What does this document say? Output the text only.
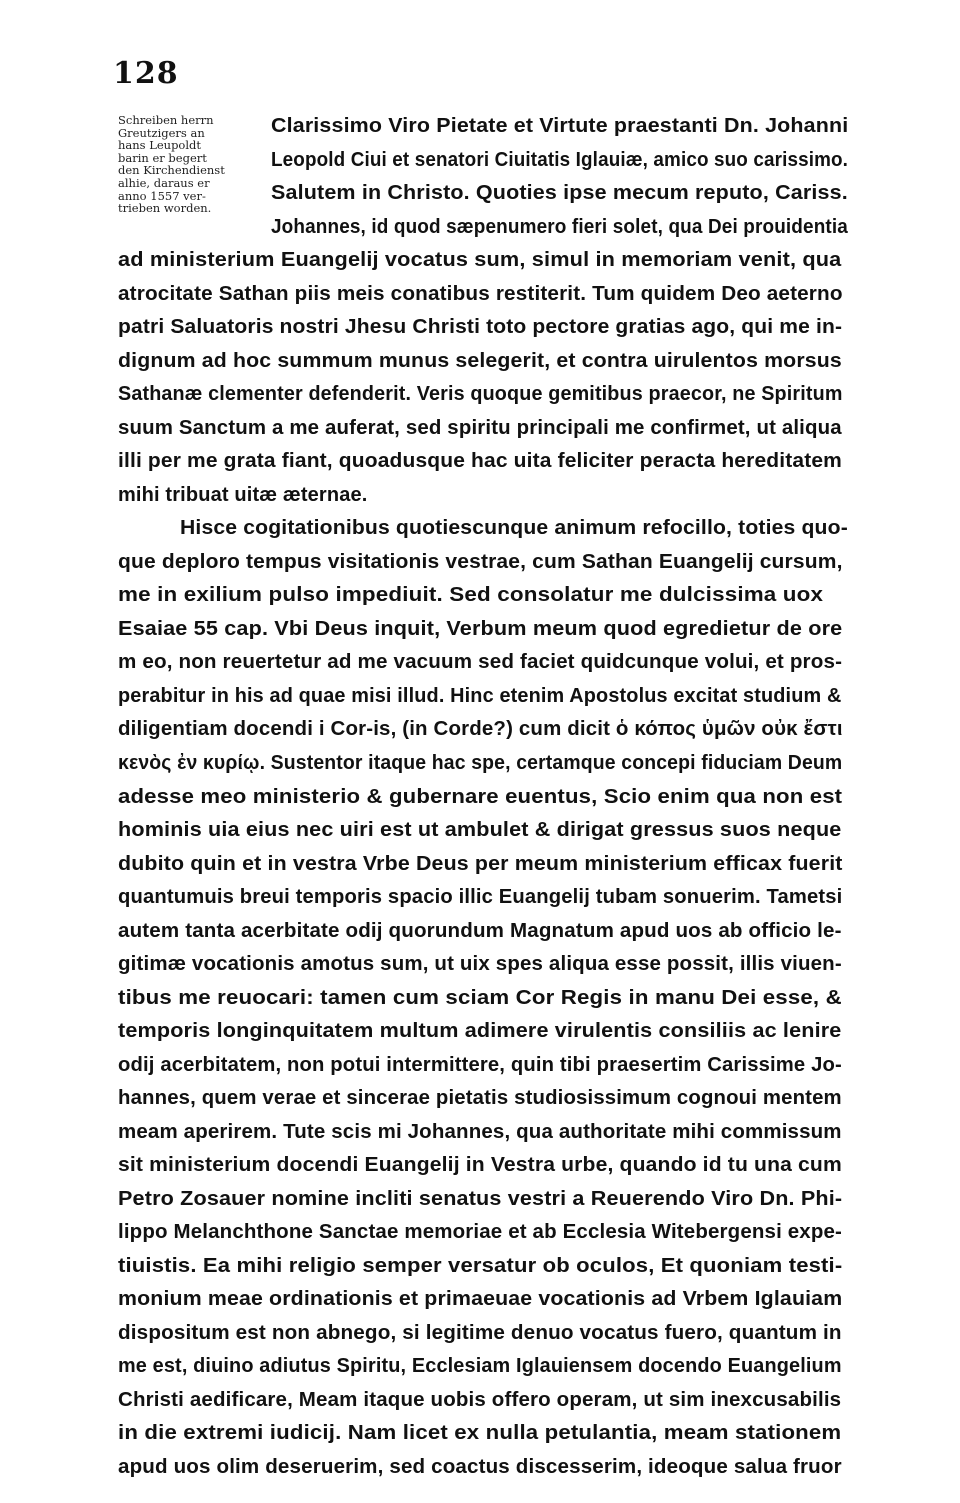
128
Schreiben herrn
Greutzigers an
hans Leupoldt
barin er begert
den Kirchendienst
alhie, daraus er
anno 1557 ver-
trieben worden.
Clarissimo Viro Pietate et Virtute praestanti Dn. Johanni
Leopold Ciui et senatori Ciuitatis Iglauiæ, amico suo carissimo.
Salutem in Christo. Quoties ipse mecum reputo, Cariss.
Johannes, id quod sæpenumero fieri solet, qua Dei prouidentia
ad ministerium Euangelij vocatus sum, simul in memoriam venit, qua
atrocitate Sathan piis meis conatibus restiterit. Tum quidem Deo aeterno
patri Saluatoris nostri Jhesu Christi toto pectore gratias ago, qui me in-
dignum ad hoc summum munus selegerit, et contra uirulentos morsus
Sathanæ clementer defenderit. Veris quoque gemitibus praecor, ne Spiritum
suum Sanctum a me auferat, sed spiritu principali me confirmet, ut aliqua
illi per me grata fiant, quoadusque hac uita feliciter peracta hereditatem
mihi tribuat uitæ æternae.
Hisce cogitationibus quotiescunque animum refocillo, toties quo-
que deploro tempus visitationis vestrae, cum Sathan Euangelij cursum,
me in exilium pulso impediuit. Sed consolatur me dulcissima uox
Esaiae 55 cap. Vbi Deus inquit, Verbum meum quod egredietur de ore
m eo, non reuertetur ad me vacuum sed faciet quidcunque volui, et pros-
perabitur in his ad quae misi illud. Hinc etenim Apostolus excitat studium &
diligentiam docendi i Cor-is, (in Corde?) cum dicit ὁ κόπος ὑμῶν οὐκ ἔστι
κενὸς ἐν κυρίῳ. Sustentor itaque hac spe, certamque concepi fiduciam Deum
adesse meo ministerio & gubernare euentus, Scio enim qua non est
hominis uia eius nec uiri est ut ambulet & dirigat gressus suos neque
dubito quin et in vestra Vrbe Deus per meum ministerium efficax fuerit
quantumuis breui temporis spacio illic Euangelij tubam sonuerim. Tametsi
autem tanta acerbitate odij quorundum Magnatum apud uos ab officio le-
gitimæ vocationis amotus sum, ut uix spes aliqua esse possit, illis viuen-
tibus me reuocari: tamen cum sciam Cor Regis in manu Dei esse, &
temporis longinquitatem multum adimere virulentis consiliis ac lenire
odij acerbitatem, non potui intermittere, quin tibi praesertim Carissime Jo-
hannes, quem verae et sincerae pietatis studiosissimum cognoui mentem
meam aperirem. Tute scis mi Johannes, qua authoritate mihi commissum
sit ministerium docendi Euangelij in Vestra urbe, quando id tu una cum
Petro Zosauer nomine incliti senatus vestri a Reuerendo Viro Dn. Phi-
lippo Melanchthone Sanctae memoriae et ab Ecclesia Witebergensi expe-
tiuistis. Ea mihi religio semper versatur ob oculos, Et quoniam testi-
monium meae ordinationis et primaeuae vocationis ad Vrbem Iglauiam
dispositum est non abnego, si legitime denuo vocatus fuero, quantum in
me est, diuino adiutus Spiritu, Ecclesiam Iglauiensem docendo Euangelium
Christi aedificare, Meam itaque uobis offero operam, ut sim inexcusabilis
in die extremi iudicij. Nam licet ex nulla petulantia, meam stationem
apud uos olim deseruerim, sed coactus discesserim, ideoque salua fruor
